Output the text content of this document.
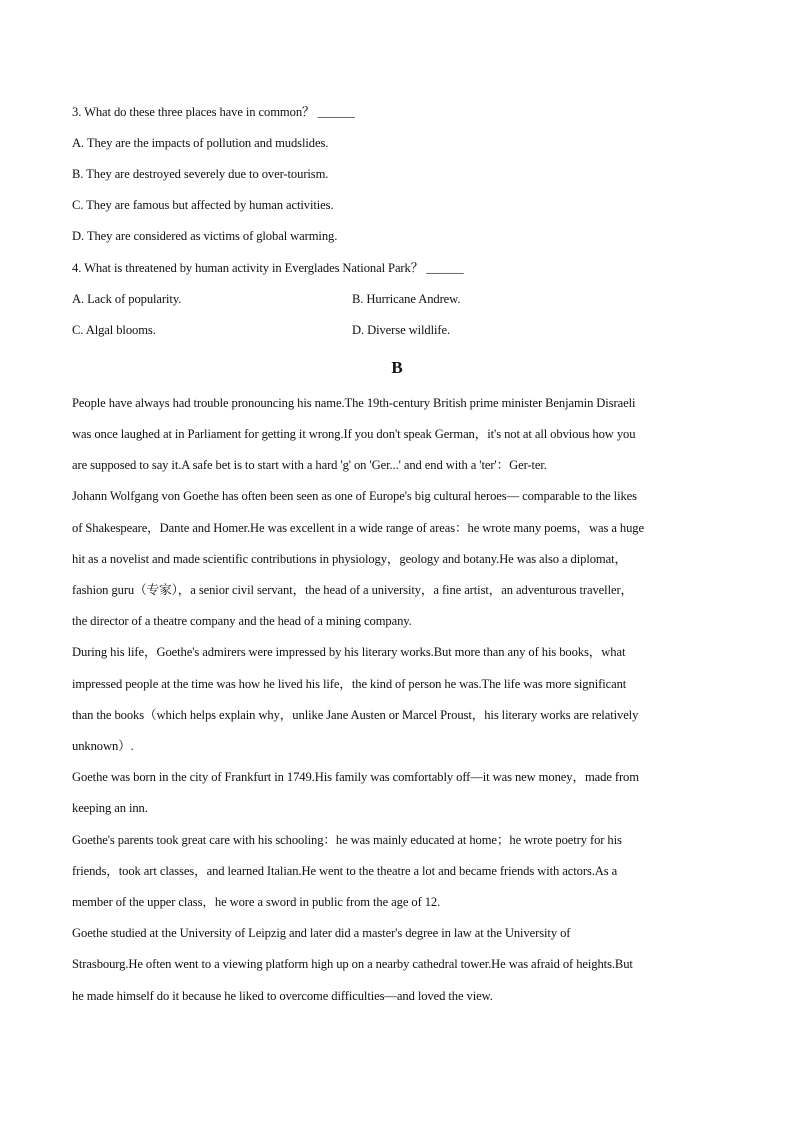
3. What do these three places have in common？ ______
A. They are the impacts of pollution and mudslides.
B. They are destroyed severely due to over-tourism.
C. They are famous but affected by human activities.
D. They are considered as victims of global warming.
4. What is threatened by human activity in Everglades National Park？ ______
A. Lack of popularity.	B. Hurricane Andrew.
C. Algal blooms.	D. Diverse wildlife.
B
People have always had trouble pronouncing his name.The 19th-century British prime minister Benjamin Disraeli
was once laughed at in Parliament for getting it wrong.If you don't speak German，it's not at all obvious how you
are supposed to say it.A safe bet is to start with a hard 'g' on 'Ger...' and end with a 'ter'：Ger-ter.
Johann Wolfgang von Goethe has often been seen as one of Europe's big cultural heroes— comparable to the likes
of Shakespeare，Dante and Homer.He was excellent in a wide range of areas：he wrote many poems，was a huge
hit as a novelist and made scientific contributions in physiology，geology and botany.He was also a diplomat，
fashion guru（专家），a senior civil servant，the head of a university，a fine artist，an adventurous traveller，
the director of a theatre company and the head of a mining company.
During his life，Goethe's admirers were impressed by his literary works.But more than any of his books，what
impressed people at the time was how he lived his life，the kind of person he was.The life was more significant
than the books（which helps explain why，unlike Jane Austen or Marcel Proust，his literary works are relatively
unknown）.
Goethe was born in the city of Frankfurt in 1749.His family was comfortably off—it was new money，made from
keeping an inn.
Goethe's parents took great care with his schooling：he was mainly educated at home；he wrote poetry for his
friends，took art classes，and learned Italian.He went to the theatre a lot and became friends with actors.As a
member of the upper class，he wore a sword in public from the age of 12.
Goethe studied at the University of Leipzig and later did a master's degree in law at the University of
Strasbourg.He often went to a viewing platform high up on a nearby cathedral tower.He was afraid of heights.But
he made himself do it because he liked to overcome difficulties—and loved the view.
